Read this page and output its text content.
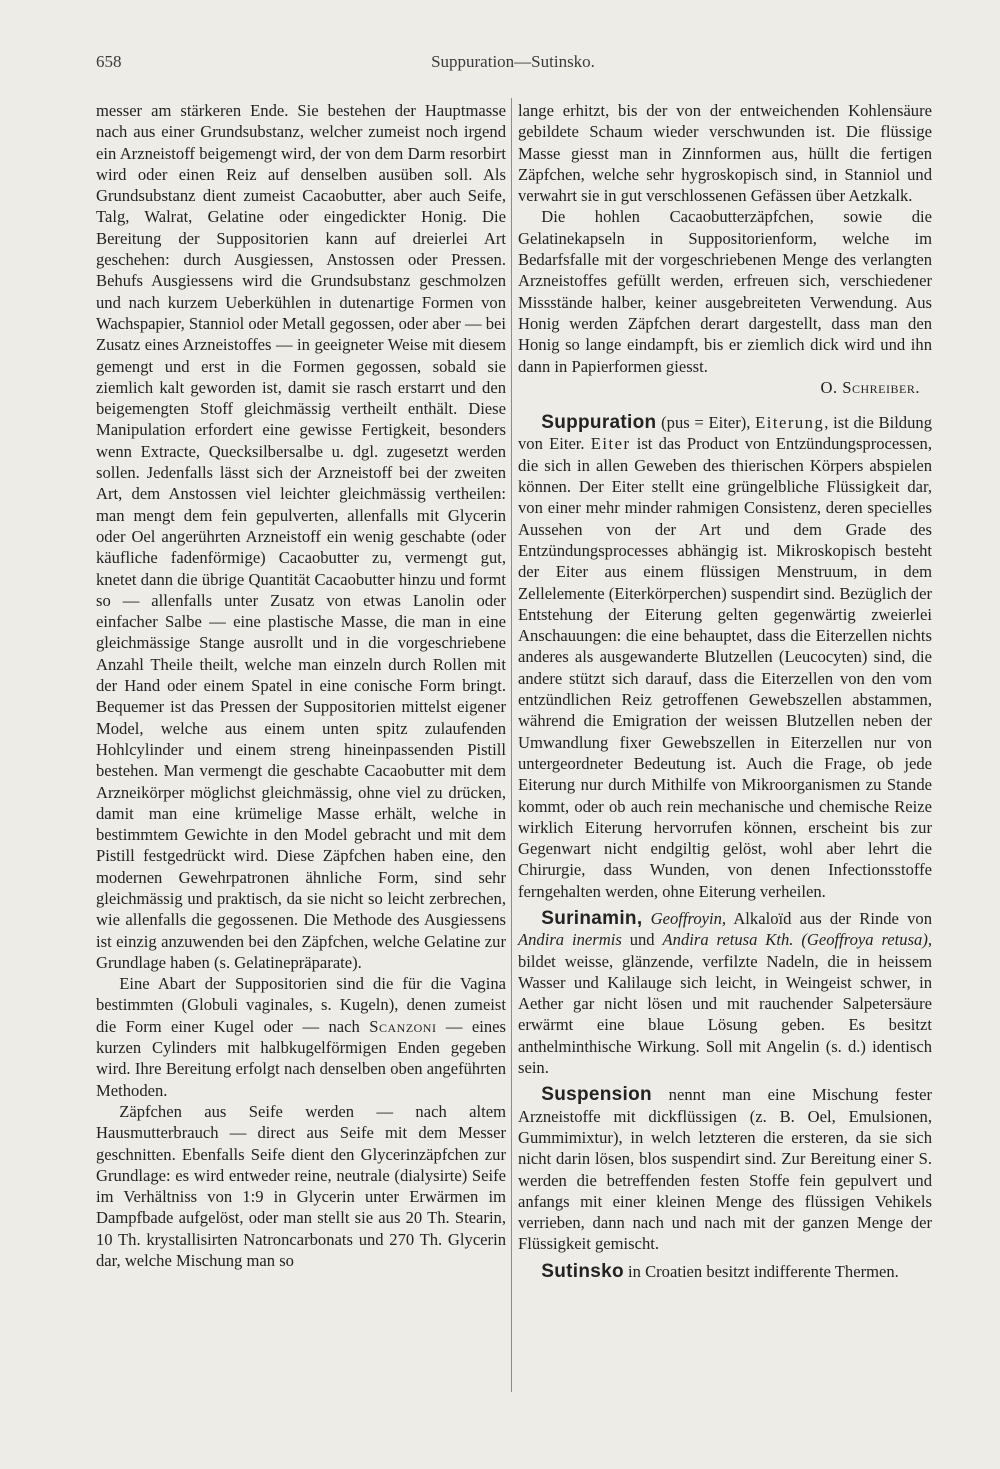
658	Suppuration—Sutinsko.

messer am stärkeren Ende. Sie bestehen der Hauptmasse nach aus einer Grundsubstanz, welcher zumeist noch irgend ein Arzneistoff beigemengt wird, der von dem Darm resorbirt wird oder einen Reiz auf denselben ausüben soll. Als Grundsubstanz dient zumeist Cacaobutter, aber auch Seife, Talg, Walrat, Gelatine oder eingedickter Honig. Die Bereitung der Suppositorien kann auf dreierlei Art geschehen: durch Ausgiessen, Anstossen oder Pressen. Behufs Ausgiessens wird die Grundsubstanz geschmolzen und nach kurzem Ueberkühlen in dutenartige Formen von Wachspapier, Stanniol oder Metall gegossen, oder aber — bei Zusatz eines Arzneistoffes — in geeigneter Weise mit diesem gemengt und erst in die Formen gegossen, sobald sie ziemlich kalt geworden ist, damit sie rasch erstarrt und den beigemengten Stoff gleichmässig vertheilt enthält. Diese Manipulation erfordert eine gewisse Fertigkeit, besonders wenn Extracte, Quecksilbersalbe u. dgl. zugesetzt werden sollen. Jedenfalls lässt sich der Arzneistoff bei der zweiten Art, dem Anstossen viel leichter gleichmässig vertheilen: man mengt dem fein gepulverten, allenfalls mit Glycerin oder Oel angerührten Arzneistoff ein wenig geschabte (oder käufliche fadenförmige) Cacaobutter zu, vermengt gut, knetet dann die übrige Quantität Cacaobutter hinzu und formt so — allenfalls unter Zusatz von etwas Lanolin oder einfacher Salbe — eine plastische Masse, die man in eine gleichmässige Stange ausrollt und in die vorgeschriebene Anzahl Theile theilt, welche man einzeln durch Rollen mit der Hand oder einem Spatel in eine conische Form bringt. Bequemer ist das Pressen der Suppositorien mittelst eigener Model, welche aus einem unten spitz zulaufenden Hohlcylinder und einem streng hineinpassenden Pistill bestehen. Man vermengt die geschabte Cacaobutter mit dem Arzneikörper möglichst gleichmässig, ohne viel zu drücken, damit man eine krümelige Masse erhält, welche in bestimmtem Gewichte in den Model gebracht und mit dem Pistill festgedrückt wird. Diese Zäpfchen haben eine, den modernen Gewehrpatronen ähnliche Form, sind sehr gleichmässig und praktisch, da sie nicht so leicht zerbrechen, wie allenfalls die gegossenen. Die Methode des Ausgiessens ist einzig anzuwenden bei den Zäpfchen, welche Gelatine zur Grundlage haben (s. Gelatinepräparate).

Eine Abart der Suppositorien sind die für die Vagina bestimmten (Globuli vaginales, s. Kugeln), denen zumeist die Form einer Kugel oder — nach Scanzoni — eines kurzen Cylinders mit halbkugelförmigen Enden gegeben wird. Ihre Bereitung erfolgt nach denselben oben angeführten Methoden.

Zäpfchen aus Seife werden — nach altem Hausmutterbrauch — direct aus Seife mit dem Messer geschnitten. Ebenfalls Seife dient den Glycerinzäpfchen zur Grundlage: es wird entweder reine, neutrale (dialysirte) Seife im Verhältniss von 1:9 in Glycerin unter Erwärmen im Dampfbade aufgelöst, oder man stellt sie aus 20 Th. Stearin, 10 Th. krystallisirten Natroncarbonats und 270 Th. Glycerin dar, welche Mischung man so

lange erhitzt, bis der von der entweichenden Kohlensäure gebildete Schaum wieder verschwunden ist. Die flüssige Masse giesst man in Zinnformen aus, hüllt die fertigen Zäpfchen, welche sehr hygroskopisch sind, in Stanniol und verwahrt sie in gut verschlossenen Gefässen über Aetzkalk.

Die hohlen Cacaobutterzäpfchen, sowie die Gelatinekapseln in Suppositorienform, welche im Bedarfsfalle mit der vorgeschriebenen Menge des verlangten Arzneistoffes gefüllt werden, erfreuen sich, verschiedener Missstände halber, keiner ausgebreiteten Verwendung. Aus Honig werden Zäpfchen derart dargestellt, dass man den Honig so lange eindampft, bis er ziemlich dick wird und ihn dann in Papierformen giesst.

O. Schreiber.

Suppuration (pus = Eiter), Eiterung, ist die Bildung von Eiter. Eiter ist das Product von Entzündungsprocessen, die sich in allen Geweben des thierischen Körpers abspielen können. Der Eiter stellt eine grüngelbliche Flüssigkeit dar, von einer mehr minder rahmigen Consistenz, deren specielles Aussehen von der Art und dem Grade des Entzündungsprocesses abhängig ist. Mikroskopisch besteht der Eiter aus einem flüssigen Menstruum, in dem Zellelemente (Eiterkörperchen) suspendirt sind. Bezüglich der Entstehung der Eiterung gelten gegenwärtig zweierlei Anschauungen: die eine behauptet, dass die Eiterzellen nichts anderes als ausgewanderte Blutzellen (Leucocyten) sind, die andere stützt sich darauf, dass die Eiterzellen von den vom entzündlichen Reiz getroffenen Gewebszellen abstammen, während die Emigration der weissen Blutzellen neben der Umwandlung fixer Gewebszellen in Eiterzellen nur von untergeordneter Bedeutung ist. Auch die Frage, ob jede Eiterung nur durch Mithilfe von Mikroorganismen zu Stande kommt, oder ob auch rein mechanische und chemische Reize wirklich Eiterung hervorrufen können, erscheint bis zur Gegenwart nicht endgiltig gelöst, wohl aber lehrt die Chirurgie, dass Wunden, von denen Infectionsstoffe ferngehalten werden, ohne Eiterung verheilen.

Surinamin, Geoffroyin, Alkaloïd aus der Rinde von Andira inermis und Andira retusa Kth. (Geoffroya retusa), bildet weisse, glänzende, verfilzte Nadeln, die in heissem Wasser und Kalilauge sich leicht, in Weingeist schwer, in Aether gar nicht lösen und mit rauchender Salpetersäure erwärmt eine blaue Lösung geben. Es besitzt anthelminthische Wirkung. Soll mit Angelin (s. d.) identisch sein.

Suspension nennt man eine Mischung fester Arzneistoffe mit dickflüssigen (z. B. Oel, Emulsionen, Gummimixtur), in welch letzteren die ersteren, da sie sich nicht darin lösen, blos suspendirt sind. Zur Bereitung einer S. werden die betreffenden festen Stoffe fein gepulvert und anfangs mit einer kleinen Menge des flüssigen Vehikels verrieben, dann nach und nach mit der ganzen Menge der Flüssigkeit gemischt.

Sutinsko in Croatien besitzt indifferente Thermen.
